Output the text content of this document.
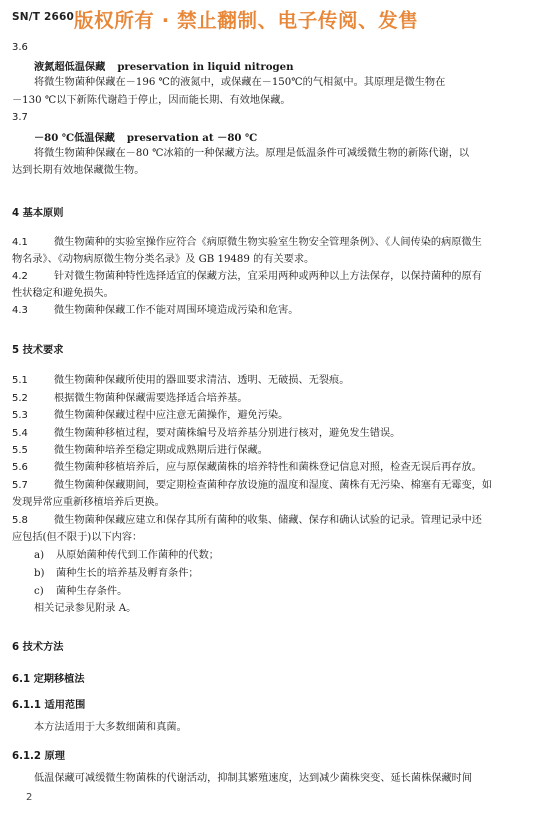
SN/T 2660 版权所有 · 禁止翻制、电子传阅、发售
3.6
液氮超低温保藏 preservation in liquid nitrogen
将微生物菌种保藏在－196 ℃的液氮中，或保藏在－150℃的气相氮中。其原理是微生物在
－130 ℃以下新陈代谢趋于停止，因而能长期、有效地保藏。
3.7
－80 ℃低温保藏 preservation at －80 ℃
将微生物菌种保藏在－80 ℃冰箱的一种保藏方法。原理是低温条件可减缓微生物的新陈代谢，以
达到长期有效地保藏微生物。
4 基本原则
4.1	微生物菌种的实验室操作应符合《病原微生物实验室生物安全管理条例》、《人间传染的病原微生
物名录》、《动物病原微生物分类名录》及 GB 19489 的有关要求。
4.2	针对微生物菌种特性选择适宜的保藏方法，宜采用两种或两种以上方法保存，以保持菌种的原有
性状稳定和避免损失。
4.3	微生物菌种保藏工作不能对周围环境造成污染和危害。
5 技术要求
5.1	微生物菌种保藏所使用的器皿要求清洁、透明、无破损、无裂痕。
5.2	根据微生物菌种保藏需要选择适合培养基。
5.3	微生物菌种保藏过程中应注意无菌操作，避免污染。
5.4	微生物菌种移植过程，要对菌株编号及培养基分别进行核对，避免发生错误。
5.5	微生物菌种培养至稳定期或成熟期后进行保藏。
5.6	微生物菌种移植培养后，应与原保藏菌株的培养特性和菌株登记信息对照，检查无误后再存放。
5.7	微生物菌种保藏期间，要定期检查菌种存放设施的温度和湿度、菌株有无污染、棉塞有无霉变，如
发现异常应重新移植培养后更换。
5.8	微生物菌种保藏应建立和保存其所有菌种的收集、储藏、保存和确认试验的记录。管理记录中还
应包括(但不限于)以下内容：
a) 从原始菌种传代到工作菌种的代数；
b) 菌种生长的培养基及孵育条件；
c) 菌种生存条件。
相关记录参见附录 A。
6 技术方法
6.1 定期移植法
6.1.1 适用范围
本方法适用于大多数细菌和真菌。
6.1.2 原理
低温保藏可减缓微生物菌株的代谢活动，抑制其繁殖速度，达到减少菌株突变、延长菌株保藏时间
2
